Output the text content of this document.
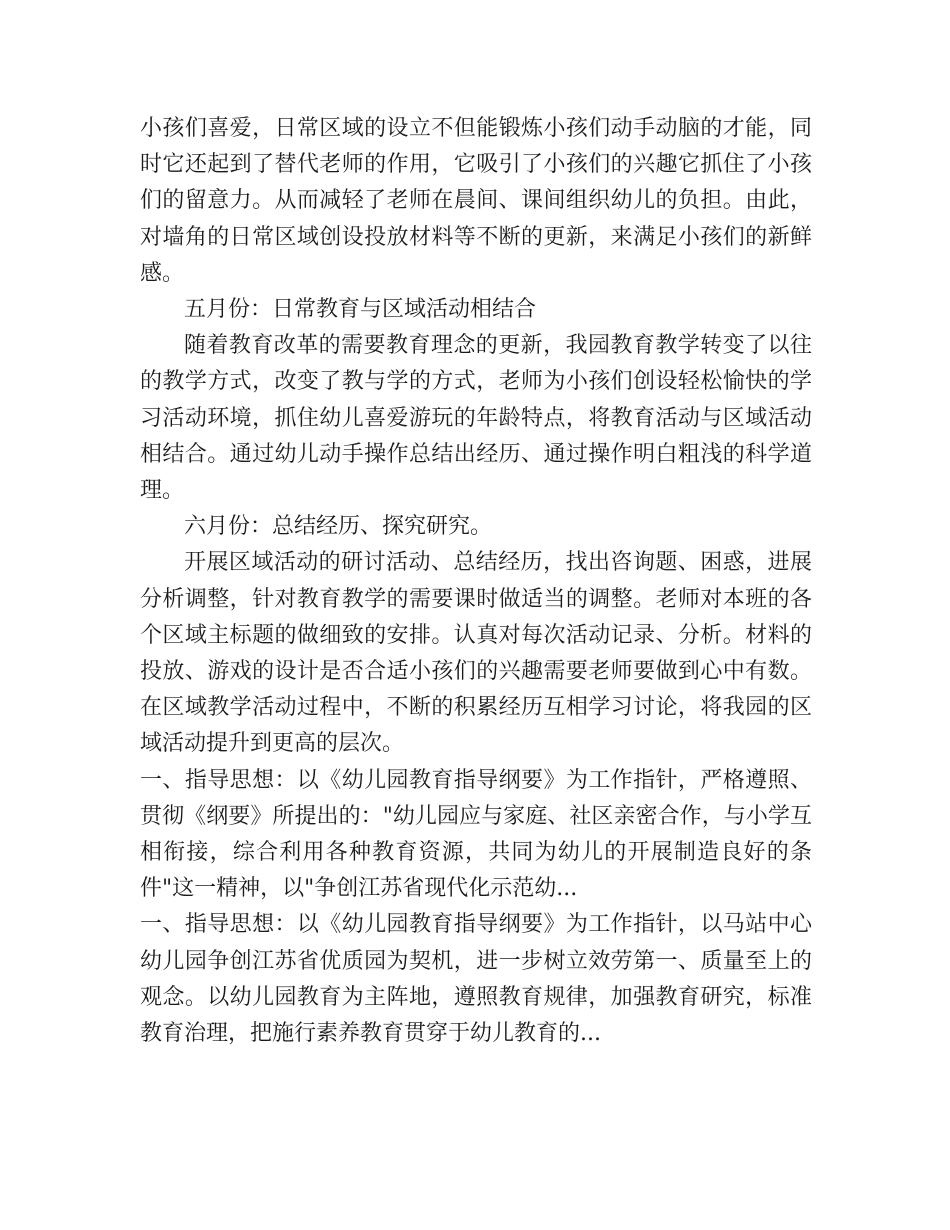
小孩们喜爱，日常区域的设立不但能锻炼小孩们动手动脑的才能，同时它还起到了替代老师的作用，它吸引了小孩们的兴趣它抓住了小孩们的留意力。从而减轻了老师在晨间、课间组织幼儿的负担。由此，对墙角的日常区域创设投放材料等不断的更新，来满足小孩们的新鲜感。

五月份：日常教育与区域活动相结合

随着教育改革的需要教育理念的更新，我园教育教学转变了以往的教学方式，改变了教与学的方式，老师为小孩们创设轻松愉快的学习活动环境，抓住幼儿喜爱游玩的年龄特点，将教育活动与区域活动相结合。通过幼儿动手操作总结出经历、通过操作明白粗浅的科学道理。

六月份：总结经历、探究研究。

开展区域活动的研讨活动、总结经历，找出咨询题、困惑，进展分析调整，针对教育教学的需要课时做适当的调整。老师对本班的各个区域主标题的做细致的安排。认真对每次活动记录、分析。材料的投放、游戏的设计是否合适小孩们的兴趣需要老师要做到心中有数。在区域教学活动过程中，不断的积累经历互相学习讨论，将我园的区域活动提升到更高的层次。

一、指导思想：以《幼儿园教育指导纲要》为工作指针，严格遵照、贯彻《纲要》所提出的："幼儿园应与家庭、社区亲密合作，与小学互相衔接，综合利用各种教育资源，共同为幼儿的开展制造良好的条件"这一精神，以"争创江苏省现代化示范幼...

一、指导思想：以《幼儿园教育指导纲要》为工作指针，以马站中心幼儿园争创江苏省优质园为契机，进一步树立效劳第一、质量至上的观念。以幼儿园教育为主阵地，遵照教育规律，加强教育研究，标准教育治理，把施行素养教育贯穿于幼儿教育的...
